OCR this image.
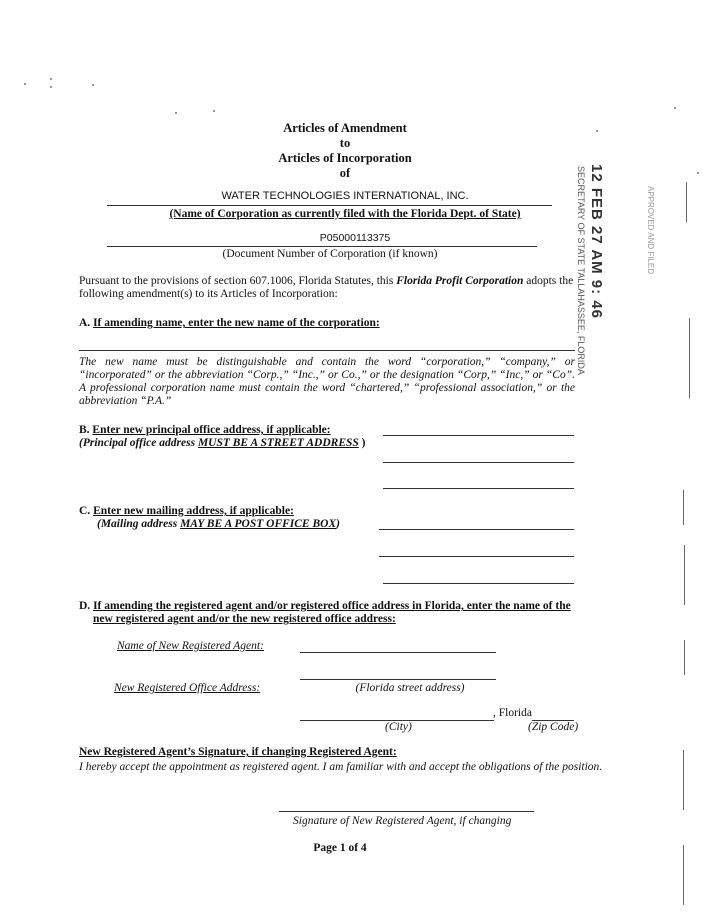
Articles of Amendment
to
Articles of Incorporation
of
WATER TECHNOLOGIES INTERNATIONAL, INC.
(Name of Corporation as currently filed with the Florida Dept. of State)
P05000113375
(Document Number of Corporation (if known)	12 FEB 27 AM 9: 46
SECRETARY OF STATE TALLAHASSEE, FLORIDA	APPROVED AND FILED
Pursuant to the provisions of section 607.1006, Florida Statutes, this Florida Profit Corporation adopts the
following amendment(s) to its Articles of Incorporation:
A. If amending name, enter the new name of the corporation:
The new name must be distinguishable and contain the word “corporation,” “company,” or “incorporated” or the abbreviation “Corp.,” “Inc.,” or Co.,” or the designation “Corp,” “Inc,” or “Co”. A professional corporation name must contain the word “chartered,” “professional association,” or the abbreviation “P.A.”
B. Enter new principal office address, if applicable:
(Principal office address MUST BE A STREET ADDRESS )
C. Enter new mailing address, if applicable:
(Mailing address MAY BE A POST OFFICE BOX)
D. If amending the registered agent and/or registered office address in Florida, enter the name of the
new registered agent and/or the new registered office address:
Name of New Registered Agent:
New Registered Office Address:	(Florida street address)
, Florida
(City)	(Zip Code)
New Registered Agent’s Signature, if changing Registered Agent:
I hereby accept the appointment as registered agent. I am familiar with and accept the obligations of the position.
Signature of New Registered Agent, if changing
Page 1 of 4
